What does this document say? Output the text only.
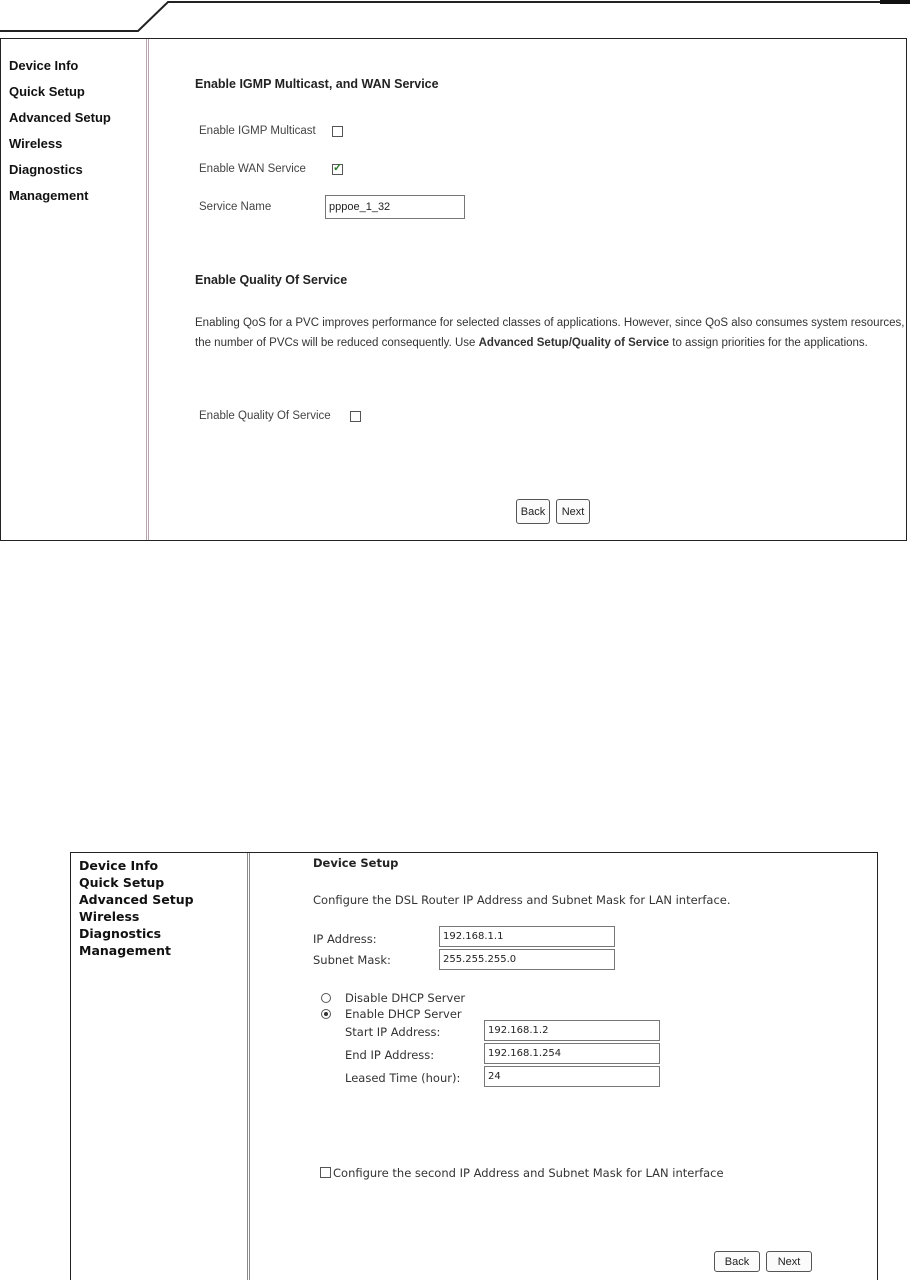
Device Info
Quick Setup
Advanced Setup
Wireless
Diagnostics
Management
Enable IGMP Multicast, and WAN Service
Enable IGMP Multicast
Enable WAN Service
✓
Service Name
pppoe_1_32
Enable Quality Of Service
Enabling QoS for a PVC improves performance for selected classes of applications. However, since QoS also consumes system resources, the number of PVCs will be reduced consequently. Use Advanced Setup/Quality of Service to assign priorities for the applications.
Enable Quality Of Service
Back	Next
Device Info
Quick Setup
Advanced Setup
Wireless
Diagnostics
Management
Device Setup
Configure the DSL Router IP Address and Subnet Mask for LAN interface.
IP Address:
192.168.1.1
Subnet Mask:
255.255.255.0
Disable DHCP Server
Enable DHCP Server
Start IP Address:
192.168.1.2
End IP Address:
192.168.1.254
Leased Time (hour):
24
Configure the second IP Address and Subnet Mask for LAN interface
Back	Next
